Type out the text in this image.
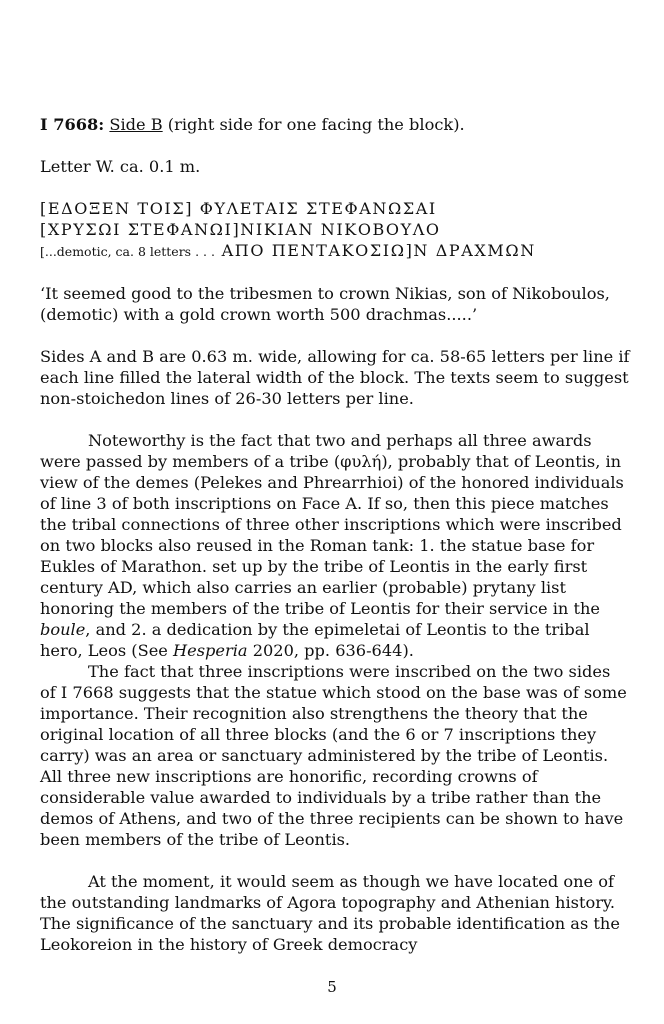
I 7668: Side B (right side for one facing the block).

Letter W. ca. 0.1 m.

[ΕΔΟΞΕΝ ΤΟΙΣ] ΦΥΛΕΤΑΙΣ ΣΤΕΦΑΝΩΣΑΙ

[ΧΡΥΣΩΙ ΣΤΕΦΑΝΩΙ]ΝΙΚΙΑΝ ΝΙΚΟΒΟΥΛΟ

[...demotic, ca. 8 letters . . . ΑΠΟ ΠΕΝΤΑΚΟΣΙΩ]Ν ΔΡΑΧΜΩΝ

‘It seemed good to the tribesmen to crown Nikias, son of Nikoboulos, (demotic) with a gold crown worth 500 drachmas.....’

Sides A and B are 0.63 m. wide, allowing for ca. 58-65 letters per line if each line filled the lateral width of the block. The texts seem to suggest non-stoichedon lines of 26-30 letters per line.

Noteworthy is the fact that two and perhaps all three awards were passed by members of a tribe (φυλή), probably that of Leontis, in view of the demes (Pelekes and Phrearrhioi) of the honored individuals of line 3 of both inscriptions on Face A. If so, then this piece matches the tribal connections of three other inscriptions which were inscribed on two blocks also reused in the Roman tank: 1. the statue base for Eukles of Marathon. set up by the tribe of Leontis in the early first century AD, which also carries an earlier (probable) prytany list honoring the members of the tribe of Leontis for their service in the boule, and 2. a dedication by the epimeletai of Leontis to the tribal hero, Leos (See Hesperia 2020, pp. 636-644).

The fact that three inscriptions were inscribed on the two sides of I 7668 suggests that the statue which stood on the base was of some importance. Their recognition also strengthens the theory that the original location of all three blocks (and the 6 or 7 inscriptions they carry) was an area or sanctuary administered by the tribe of Leontis. All three new inscriptions are honorific, recording crowns of considerable value awarded to individuals by a tribe rather than the demos of Athens, and two of the three recipients can be shown to have been members of the tribe of Leontis.

At the moment, it would seem as though we have located one of the outstanding landmarks of Agora topography and Athenian history. The significance of the sanctuary and its probable identification as the Leokoreion in the history of Greek democracy

5
